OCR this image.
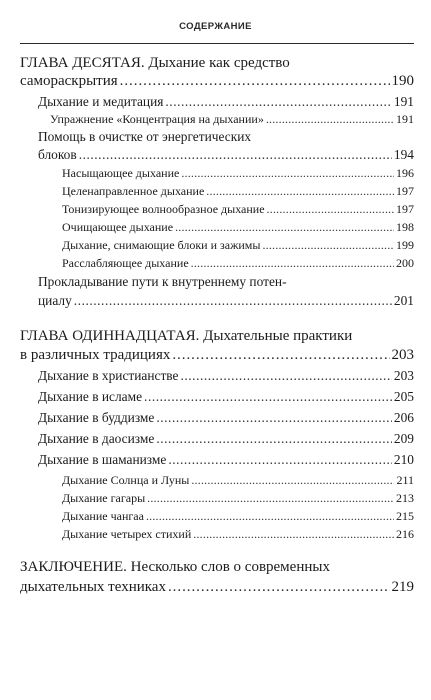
СОДЕРЖАНИЕ
ГЛАВА ДЕСЯТАЯ. Дыхание как средство
самораскрытия . . .	190
Дыхание и медитация . . .	191
Упражнение «Концентрация на дыхании» . . .	191
Помощь в очистке от энергетических
блоков . . .	194
Насыщающее дыхание . . .	196
Целенаправленное дыхание . . .	197
Тонизирующее волнообразное дыхание . . .	197
Очищающее дыхание . . .	198
Дыхание, снимающие блоки и зажимы . . .	199
Расслабляющее дыхание . . .	200
Прокладывание пути к внутреннему потен-
циалу . . .	201
ГЛАВА ОДИННАДЦАТАЯ. Дыхательные практики
в различных традициях . . .	203
Дыхание в христианстве . . .	203
Дыхание в исламе . . .	205
Дыхание в буддизме . . .	206
Дыхание в даосизме . . .	209
Дыхание в шаманизме . . .	210
Дыхание Солнца и Луны . . .	211
Дыхание гагары . . .	213
Дыхание чангаа . . .	215
Дыхание четырех стихий . . .	216
ЗАКЛЮЧЕНИЕ. Несколько слов о современных
дыхательных техниках . . .	219
